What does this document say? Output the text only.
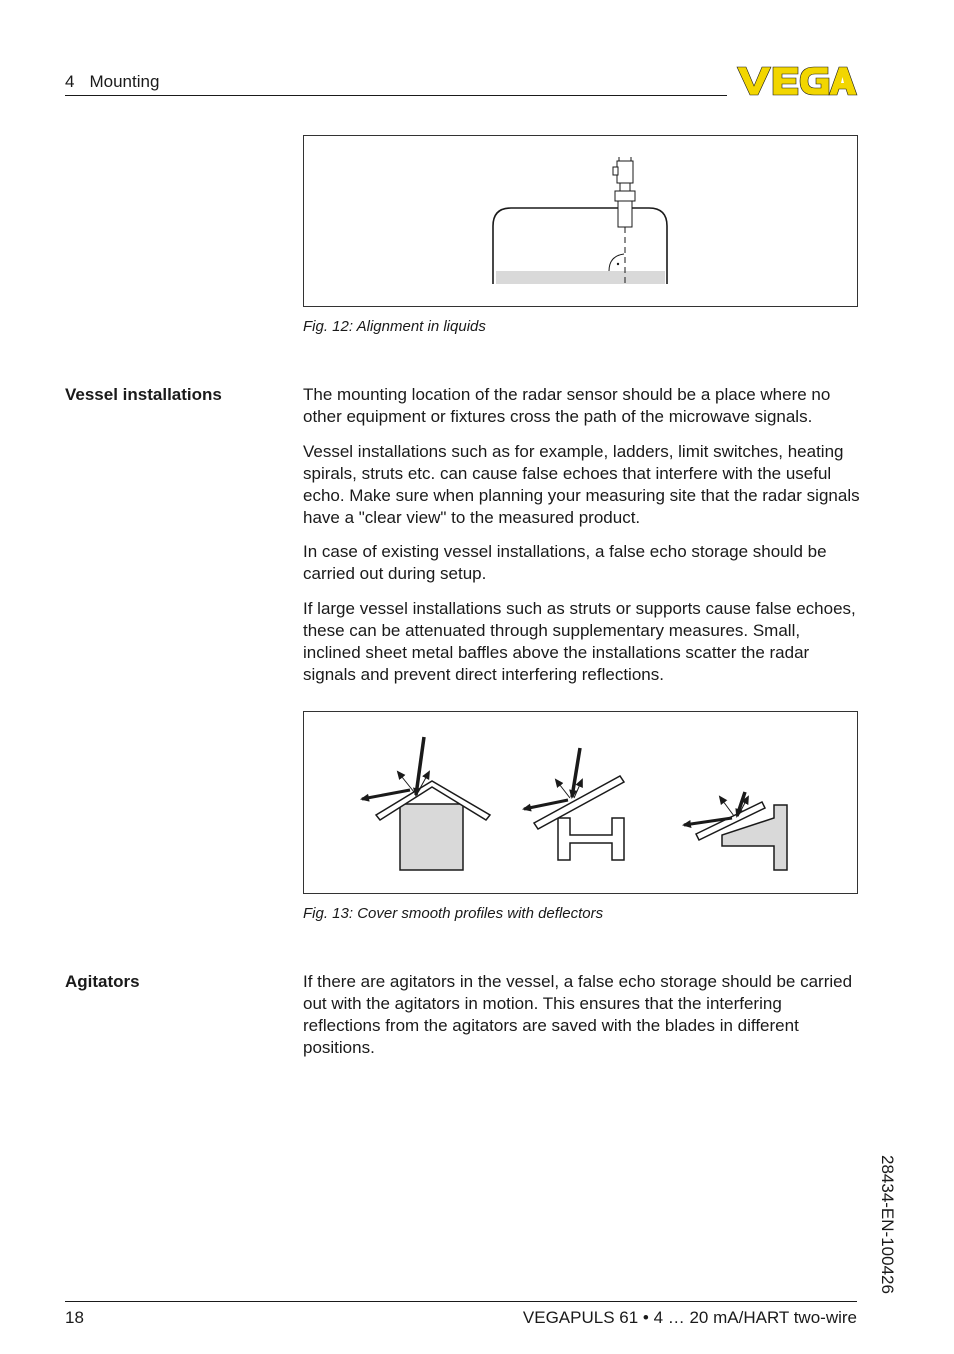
4 Mounting
Fig. 12: Alignment in liquids
Vessel installations	The mounting location of the radar sensor should be a place where no other equipment or fixtures cross the path of the microwave signals.

Vessel installations such as for example, ladders, limit switches, heating spirals, struts etc. can cause false echoes that interfere with the useful echo. Make sure when planning your measuring site that the radar signals have a "clear view" to the measured product.

In case of existing vessel installations, a false echo storage should be carried out during setup.

If large vessel installations such as struts or supports cause false echoes, these can be attenuated through supplementary measures. Small, inclined sheet metal baffles above the installations scatter the radar signals and prevent direct interfering reflections.

Fig. 13: Cover smooth profiles with deflectors
Agitators	If there are agitators in the vessel, a false echo storage should be carried out with the agitators in motion. This ensures that the interfering reflections from the agitators are saved with the blades in different positions.

28434-EN-100426
18	VEGAPULS 61 • 4 … 20 mA/HART two-wire
